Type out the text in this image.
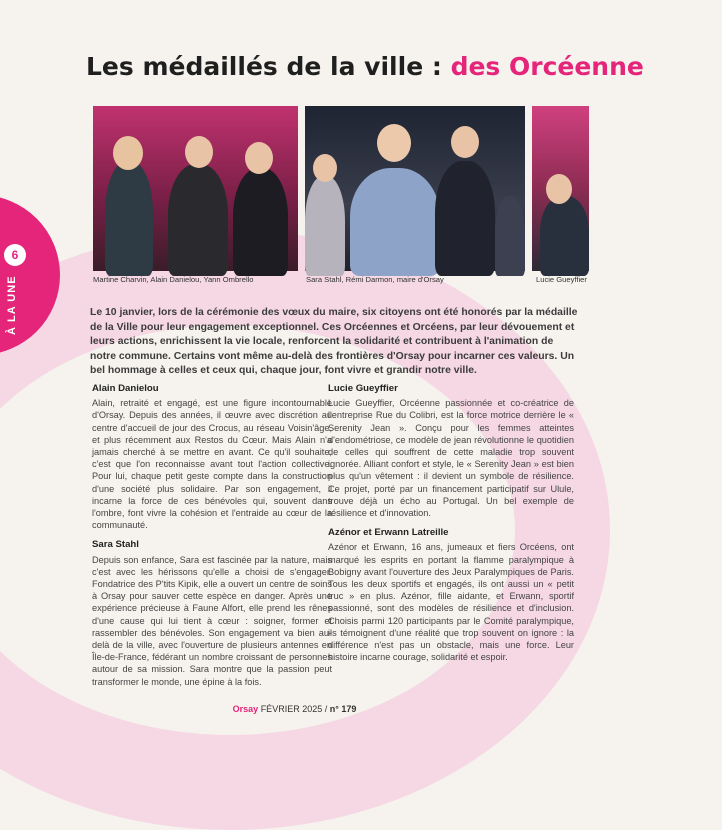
6
À LA UNE
Les médaillés de la ville : des Orcéenne
Martine Charvin, Alain Danielou, Yann Ombrello	Sara Stahl, Rémi Darmon, maire d'Orsay	Lucie Gueyffier
Le 10 janvier, lors de la cérémonie des vœux du maire, six citoyens ont été honorés par la médaille de la Ville pour leur engagement exceptionnel. Ces Orcéennes et Orcéens, par leur dévouement et leurs actions, enrichissent la vie locale, renforcent la solidarité et contribuent à l'animation de notre commune. Certains vont même au-delà des frontières d'Orsay pour incarner ces valeurs. Un bel hommage à celles et ceux qui, chaque jour, font vivre et grandir notre ville.
Alain Danielou

Alain, retraité et engagé, est une figure incontournable d'Orsay. Depuis des années, il œuvre avec discrétion au centre d'accueil de jour des Crocus, au réseau Voisin'âge, et plus récemment aux Restos du Cœur. Mais Alain n'a jamais cherché à se mettre en avant. Ce qu'il souhaite, c'est que l'on reconnaisse avant tout l'action collective. Pour lui, chaque petit geste compte dans la construction d'une société plus solidaire. Par son engagement, il incarne la force de ces bénévoles qui, souvent dans l'ombre, font vivre la cohésion et l'entraide au cœur de la communauté.

Sara Stahl

Depuis son enfance, Sara est fascinée par la nature, mais c'est avec les hérissons qu'elle a choisi de s'engager. Fondatrice des P'tits Kipik, elle a ouvert un centre de soins à Orsay pour sauver cette espèce en danger. Après une expérience précieuse à Faune Alfort, elle prend les rênes d'une cause qui lui tient à cœur : soigner, former et rassembler des bénévoles. Son engagement va bien au-delà de la ville, avec l'ouverture de plusieurs antennes en Île-de-France, fédérant un nombre croissant de personnes autour de sa mission. Sara montre que la passion peut transformer le monde, une épine à la fois.

Lucie Gueyffier

Lucie Gueyffier, Orcéenne passionnée et co-créatrice de l'entreprise Rue du Colibri, est la force motrice derrière le « Serenity Jean ». Conçu pour les femmes atteintes d'endométriose, ce modèle de jean révolutionne le quotidien de celles qui souffrent de cette maladie trop souvent ignorée. Alliant confort et style, le « Serenity Jean » est bien plus qu'un vêtement : il devient un symbole de résilience. Ce projet, porté par un financement participatif sur Ulule, trouve déjà un écho au Portugal. Un bel exemple de résilience et d'innovation.

Azénor et Erwann Latreille

Azénor et Erwann, 16 ans, jumeaux et fiers Orcéens, ont marqué les esprits en portant la flamme paralympique à Bobigny avant l'ouverture des Jeux Paralympiques de Paris. Tous les deux sportifs et engagés, ils ont aussi un « petit truc » en plus. Azénor, fille aidante, et Erwann, sportif passionné, sont des modèles de résilience et d'inclusion. Choisis parmi 120 participants par le Comité paralympique, ils témoignent d'une réalité que trop souvent on ignore : la différence n'est pas un obstacle, mais une force. Leur histoire incarne courage, solidarité et espoir.

Orsay FÉVRIER 2025 / n° 179
